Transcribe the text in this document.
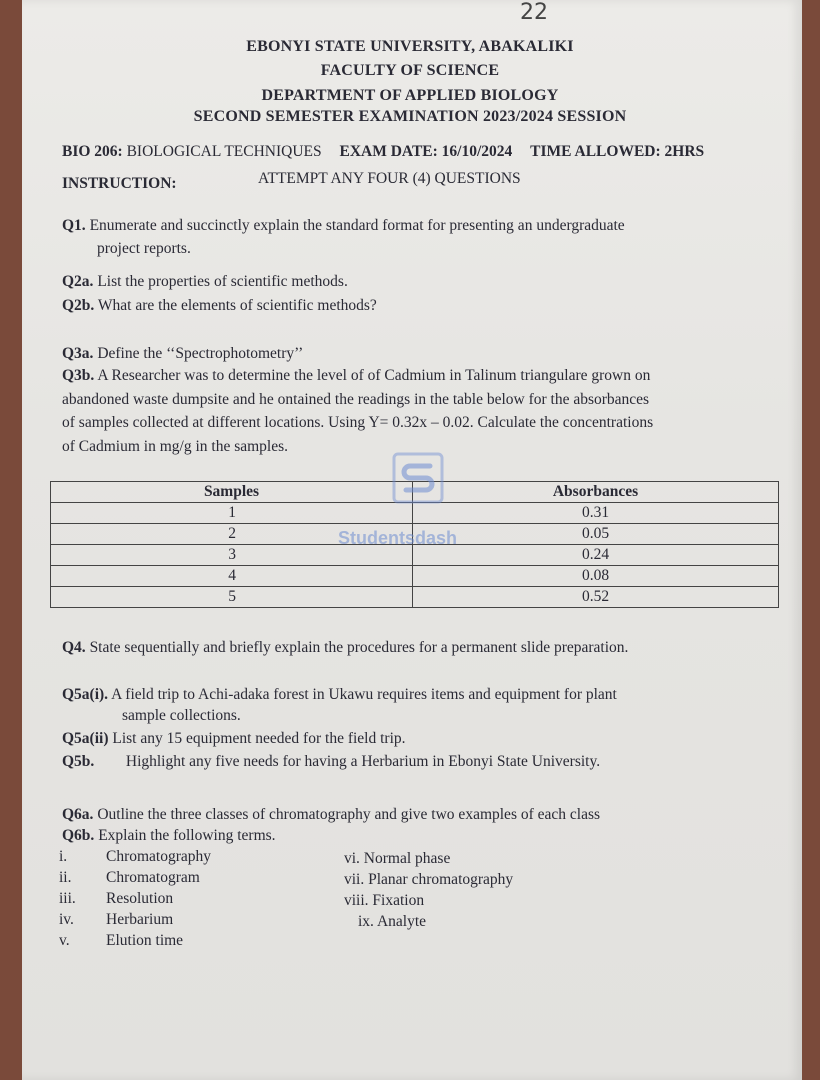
22
EBONYI STATE UNIVERSITY, ABAKALIKI
FACULTY OF SCIENCE
DEPARTMENT OF APPLIED BIOLOGY
SECOND SEMESTER EXAMINATION 2023/2024 SESSION
BIO 206: BIOLOGICAL TECHNIQUES EXAM DATE: 16/10/2024 TIME ALLOWED: 2HRS
INSTRUCTION:	ATTEMPT ANY FOUR (4) QUESTIONS
Q1. Enumerate and succinctly explain the standard format for presenting an undergraduate
project reports.
Q2a. List the properties of scientific methods.
Q2b. What are the elements of scientific methods?
Q3a. Define the ‘‘Spectrophotometry’’
Q3b. A Researcher was to determine the level of of Cadmium in Talinum triangulare grown on
abandoned waste dumpsite and he ontained the readings in the table below for the absorbances
of samples collected at different locations. Using Y= 0.32x – 0.02. Calculate the concentrations
of Cadmium in mg/g in the samples.
Samples	Absorbances
1	0.31
2	0.05
3	0.24
4	0.08
5	0.52
Studentsdash
Q4. State sequentially and briefly explain the procedures for a permanent slide preparation.
Q5a(i). A field trip to Achi-adaka forest in Ukawu requires items and equipment for plant
sample collections.
Q5a(ii) List any 15 equipment needed for the field trip.
Q5b. Highlight any five needs for having a Herbarium in Ebonyi State University.
Q6a. Outline the three classes of chromatography and give two examples of each class
Q6b. Explain the following terms.
i.	Chromatography
ii. Chromatogram
iii. Resolution
iv. Herbarium
v. Elution time
vi. Normal phase
vii. Planar chromatography
viii. Fixation
ix. Analyte
